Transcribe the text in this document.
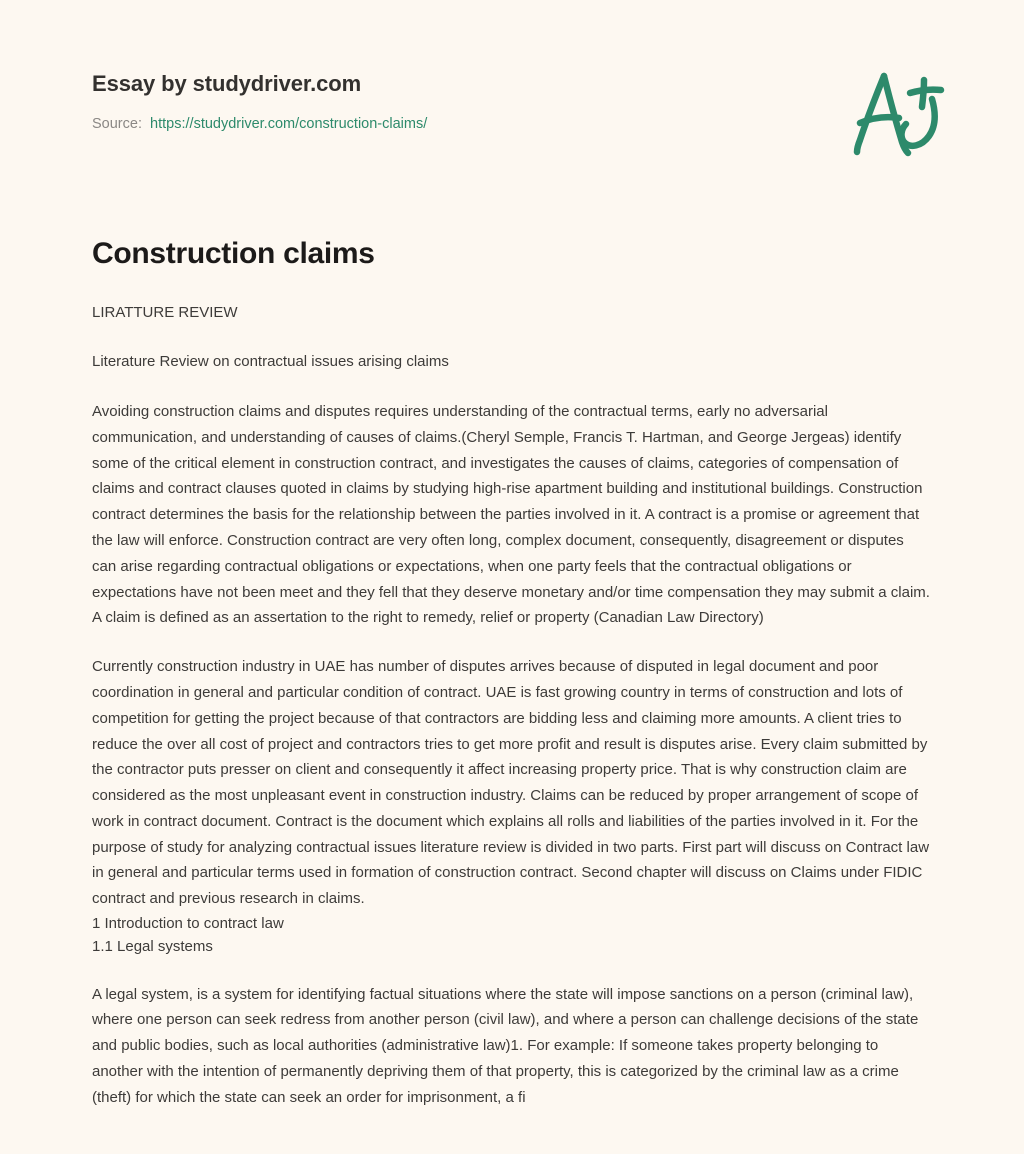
Essay by studydriver.com
Source: https://studydriver.com/construction-claims/
Construction claims

LIRATTURE REVIEW

Literature Review on contractual issues arising claims

Avoiding construction claims and disputes requires understanding of the contractual terms, early no adversarial communication, and understanding of causes of claims.(Cheryl Semple, Francis T. Hartman, and George Jergeas) identify some of the critical element in construction contract, and investigates the causes of claims, categories of compensation of claims and contract clauses quoted in claims by studying high-rise apartment building and institutional buildings. Construction contract determines the basis for the relationship between the parties involved in it. A contract is a promise or agreement that the law will enforce. Construction contract are very often long, complex document, consequently, disagreement or disputes can arise regarding contractual obligations or expectations, when one party feels that the contractual obligations or expectations have not been meet and they fell that they deserve monetary and/or time compensation they may submit a claim. A claim is defined as an assertation to the right to remedy, relief or property (Canadian Law Directory)

Currently construction industry in UAE has number of disputes arrives because of disputed in legal document and poor coordination in general and particular condition of contract. UAE is fast growing country in terms of construction and lots of competition for getting the project because of that contractors are bidding less and claiming more amounts. A client tries to reduce the over all cost of project and contractors tries to get more profit and result is disputes arise. Every claim submitted by the contractor puts presser on client and consequently it affect increasing property price. That is why construction claim are considered as the most unpleasant event in construction industry. Claims can be reduced by proper arrangement of scope of work in contract document. Contract is the document which explains all rolls and liabilities of the parties involved in it. For the purpose of study for analyzing contractual issues literature review is divided in two parts. First part will discuss on Contract law in general and particular terms used in formation of construction contract. Second chapter will discuss on Claims under FIDIC contract and previous research in claims.

1 Introduction to contract law
1.1 Legal systems

A legal system, is a system for identifying factual situations where the state will impose sanctions on a person (criminal law), where one person can seek redress from another person (civil law), and where a person can challenge decisions of the state and public bodies, such as local authorities (administrative law)1. For example: If someone takes property belonging to another with the intention of permanently depriving them of that property, this is categorized by the criminal law as a crime (theft) for which the state can seek an order for imprisonment, a fi
